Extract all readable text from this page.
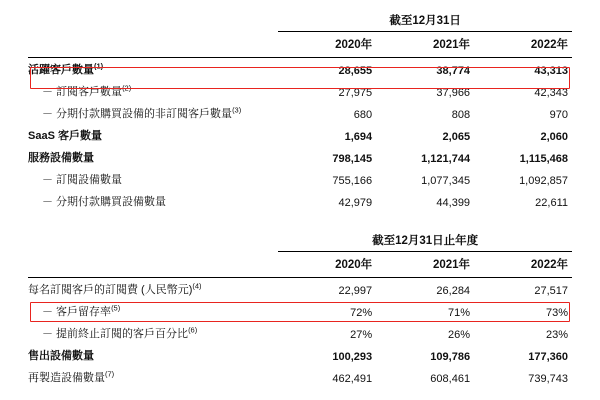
	截至12月31日		
	2020年	2021年	2022年

活躍客戶數量$^{(1)}$	28,655	38,774	43,313
－ 訂閱客戶數量$^{(2)}$	27,975	37,966	42,343
－ 分期付款購買設備的非訂閱客戶數量$^{(3)}$	680	808	970
SaaS 客戶數量	1,694	2,065	2,060
服務設備數量	798,145	1,121,744	1,115,468
－ 訂閱設備數量	755,166	1,077,345	1,092,857
－ 分期付款購買設備數量	42,979	44,399	22,611
	截至12月31日止年度		
	2020年	2021年	2022年

每名訂閱客戶的訂閱費 (人民幣元)$^{(4)}$	22,997	26,284	27,517
－ 客戶留存率$^{(5)}$	72%	71%	73%
－ 提前終止訂閱的客戶百分比$^{(6)}$	27%	26%	23%
售出設備數量	100,293	109,786	177,360
再製造設備數量$^{(7)}$	462,491	608,461	739,743
